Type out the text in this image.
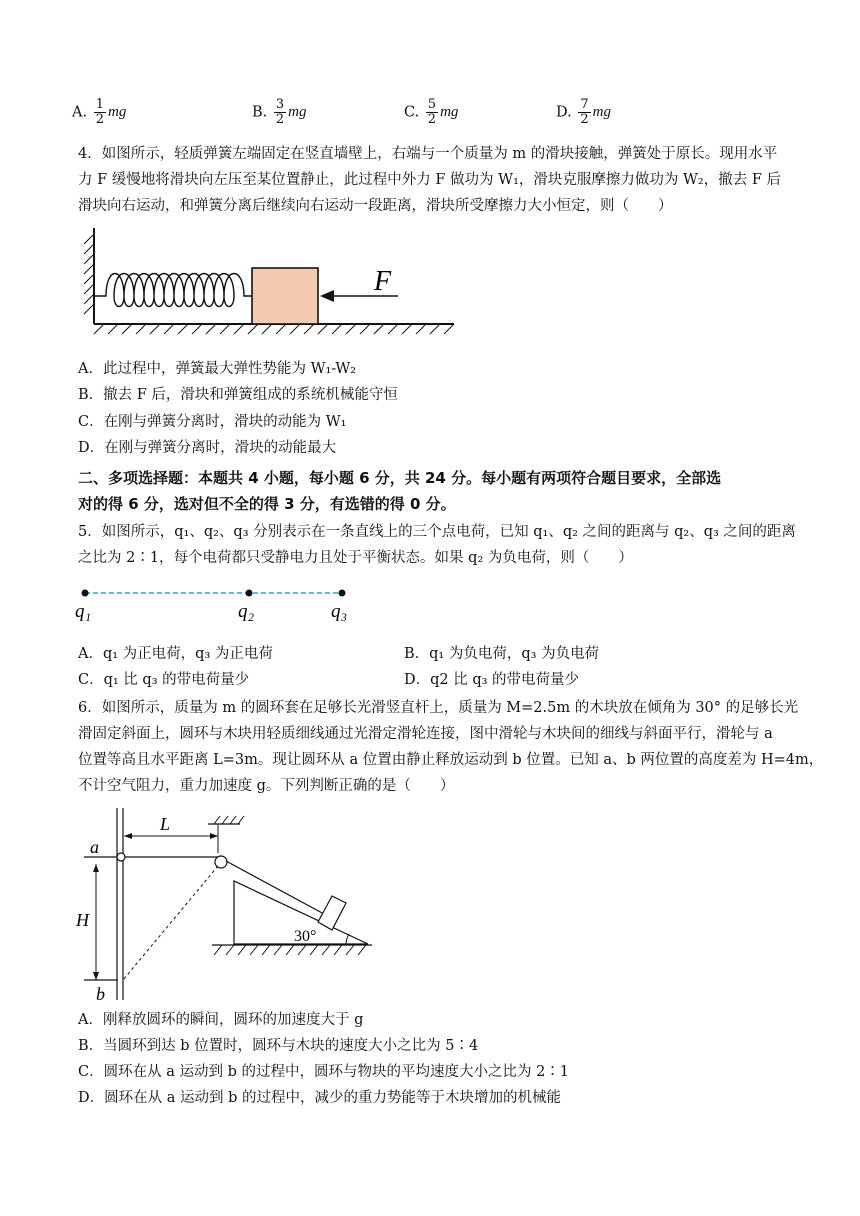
A. $\frac{1}{2}$ mg	B. $\frac{3}{2}$ mg	C. $\frac{5}{2}$ mg	D. $\frac{7}{2}$ mg
4．如图所示，轻质弹簧左端固定在竖直墙壁上，右端与一个质量为 m 的滑块接触，弹簧处于原长。现用水平
力 F 缓慢地将滑块向左压至某位置静止，此过程中外力 F 做功为 W₁，滑块克服摩擦力做功为 W₂，撤去 F 后
滑块向右运动，和弹簧分离后继续向右运动一段距离，滑块所受摩擦力大小恒定，则（　　）
F
A．此过程中，弹簧最大弹性势能为 W₁-W₂
B．撤去 F 后，滑块和弹簧组成的系统机械能守恒
C．在刚与弹簧分离时，滑块的动能为 W₁
D．在刚与弹簧分离时，滑块的动能最大
二、多项选择题：本题共 4 小题，每小题 6 分，共 24 分。每小题有两项符合题目要求，全部选
对的得 6 分，选对但不全的得 3 分，有选错的得 0 分。
5．如图所示，q₁、q₂、q₃ 分别表示在一条直线上的三个点电荷，已知 q₁、q₂ 之间的距离与 q₂、q₃ 之间的距离
之比为 2∶1，每个电荷都只受静电力且处于平衡状态。如果 q₂ 为负电荷，则（　　）
q₁	q₂	q₃
A．q₁ 为正电荷，q₃ 为正电荷	B．q₁ 为负电荷，q₃ 为负电荷
C．q₁ 比 q₃ 的带电荷量少	D．q2 比 q₃ 的带电荷量少
6．如图所示，质量为 m 的圆环套在足够长光滑竖直杆上，质量为 M=2.5m 的木块放在倾角为 30° 的足够长光
滑固定斜面上，圆环与木块用轻质细线通过光滑定滑轮连接，图中滑轮与木块间的细线与斜面平行，滑轮与 a
位置等高且水平距离 L=3m。现让圆环从 a 位置由静止释放运动到 b 位置。已知 a、b 两位置的高度差为 H=4m，
不计空气阻力，重力加速度 g。下列判断正确的是（　　）
L
30°
H
a
b
A．刚释放圆环的瞬间，圆环的加速度大于 g
B．当圆环到达 b 位置时，圆环与木块的速度大小之比为 5∶4
C．圆环在从 a 运动到 b 的过程中，圆环与物块的平均速度大小之比为 2∶1
D．圆环在从 a 运动到 b 的过程中，减少的重力势能等于木块增加的机械能
